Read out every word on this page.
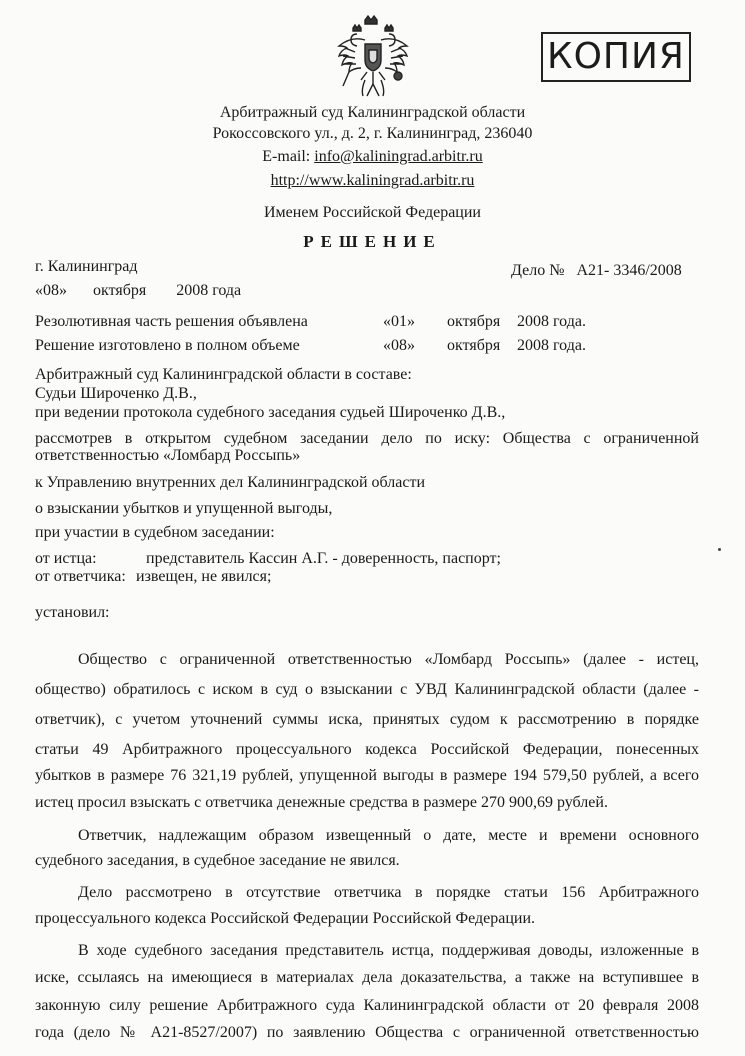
КОПИЯ
Арбитражный суд Калининградской области
Рокоссовского ул., д. 2, г. Калининград, 236040
E-mail: info@kaliningrad.arbitr.ru
http://www.kaliningrad.arbitr.ru
Именем Российской Федерации
РЕШЕНИЕ
г. Калининград	Дело № А21- 3346/2008
«08» октября 2008 года
Резолютивная часть решения объявлена	«01» октября 2008 года.
Решение изготовлено в полном объеме	«08» октября 2008 года.
Арбитражный суд Калининградской области в составе:
Судьи Широченко Д.В.,
при ведении протокола судебного заседания судьей Широченко Д.В.,
рассмотрев в открытом судебном заседании дело по иску: Общества с ограниченной
ответственностью «Ломбард Россыпь»
к Управлению внутренних дел Калининградской области
о взыскании убытков и упущенной выгоды,
при участии в судебном заседании:
от истца:	представитель Кассин А.Г. - доверенность, паспорт;
от ответчика: извещен, не явился;
установил:
Общество с ограниченной ответственностью «Ломбард Россыпь» (далее - истец,
общество) обратилось с иском в суд о взыскании с УВД Калининградской области (далее -
ответчик), с учетом уточнений суммы иска, принятых судом к рассмотрению в порядке
статьи 49 Арбитражного процессуального кодекса Российской Федерации, понесенных
убытков в размере 76 321,19 рублей, упущенной выгоды в размере 194 579,50 рублей, а всего
истец просил взыскать с ответчика денежные средства в размере 270 900,69 рублей.
Ответчик, надлежащим образом извещенный о дате, месте и времени основного
судебного заседания, в судебное заседание не явился.
Дело рассмотрено в отсутствие ответчика в порядке статьи 156 Арбитражного
процессуального кодекса Российской Федерации Российской Федерации.
В ходе судебного заседания представитель истца, поддерживая доводы, изложенные в
иске, ссылаясь на имеющиеся в материалах дела доказательства, а также на вступившее в
законную силу решение Арбитражного суда Калининградской области от 20 февраля 2008
года (дело № А21-8527/2007) по заявлению Общества с ограниченной ответственностью
